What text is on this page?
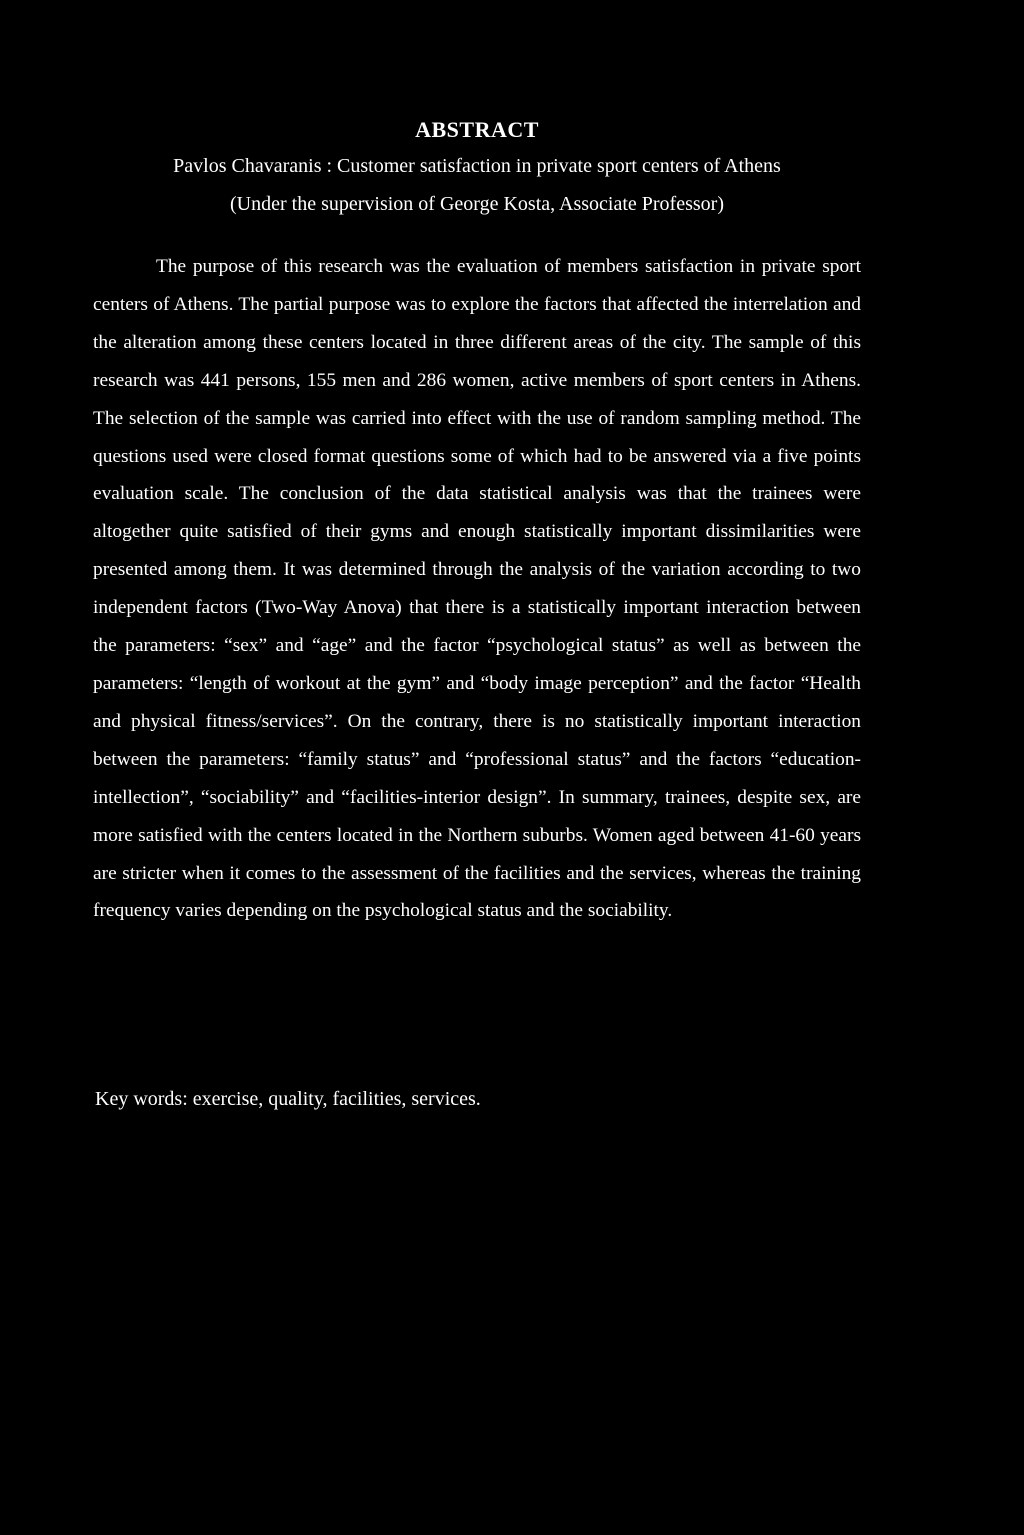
ABSTRACT
Pavlos Chavaranis : Customer satisfaction in private sport centers of Athens
(Under the supervision of George Kosta, Associate Professor)

The purpose of this research was the evaluation of members satisfaction in private sport centers of Athens. The partial purpose was to explore the factors that affected the interrelation and the alteration among these centers located in three different areas of the city. The sample of this research was 441 persons, 155 men and 286 women, active members of sport centers in Athens. The selection of the sample was carried into effect with the use of random sampling method. The questions used were closed format questions some of which had to be answered via a five points evaluation scale. The conclusion of the data statistical analysis was that the trainees were altogether quite satisfied of their gyms and enough statistically important dissimilarities were presented among them. It was determined through the analysis of the variation according to two independent factors (Two-Way Anova) that there is a statistically important interaction between the parameters: “sex” and “age” and the factor “psychological status” as well as between the parameters: “length of workout at the gym” and “body image perception” and the factor “Health and physical fitness/services”. On the contrary, there is no statistically important interaction between the parameters: “family status” and “professional status” and the factors “education-intellection”, “sociability” and “facilities-interior design”. In summary, trainees, despite sex, are more satisfied with the centers located in the Northern suburbs. Women aged between 41-60 years are stricter when it comes to the assessment of the facilities and the services, whereas the training frequency varies depending on the psychological status and the sociability.

Key words: exercise, quality, facilities, services.
